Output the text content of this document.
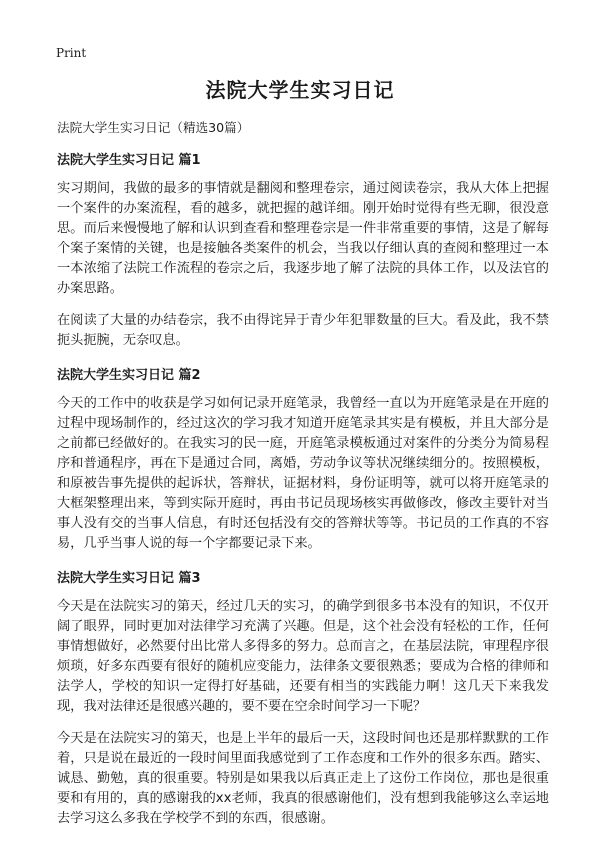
Print
法院大学生实习日记

法院大学生实习日记（精选30篇）

法院大学生实习日记 篇1

实习期间，我做的最多的事情就是翻阅和整理卷宗，通过阅读卷宗，我从大体上把握一个案件的办案流程，看的越多，就把握的越详细。刚开始时觉得有些无聊，很没意思。而后来慢慢地了解和认识到查看和整理卷宗是一件非常重要的事情，这是了解每个案子案情的关键，也是接触各类案件的机会，当我以仔细认真的查阅和整理过一本一本浓缩了法院工作流程的卷宗之后，我逐步地了解了法院的具体工作，以及法官的办案思路。

在阅读了大量的办结卷宗，我不由得诧异于青少年犯罪数量的巨大。看及此，我不禁扼头扼腕，无奈叹息。

法院大学生实习日记 篇2

今天的工作中的收获是学习如何记录开庭笔录，我曾经一直以为开庭笔录是在开庭的过程中现场制作的，经过这次的学习我才知道开庭笔录其实是有模板，并且大部分是之前都已经做好的。在我实习的民一庭，开庭笔录模板通过对案件的分类分为简易程序和普通程序，再在下是通过合同，离婚，劳动争议等状况继续细分的。按照模板，和原被告事先提供的起诉状，答辩状，证据材料，身份证明等，就可以将开庭笔录的大框架整理出来，等到实际开庭时，再由书记员现场核实再做修改，修改主要针对当事人没有交的当事人信息，有时还包括没有交的答辩状等等。书记员的工作真的不容易，几乎当事人说的每一个字都要记录下来。

法院大学生实习日记 篇3

今天是在法院实习的第天，经过几天的实习，的确学到很多书本没有的知识，不仅开阔了眼界，同时更加对法律学习充满了兴趣。但是，这个社会没有轻松的工作，任何事情想做好，必然要付出比常人多得多的努力。总而言之，在基层法院，审理程序很烦琐，好多东西要有很好的随机应变能力，法律条文要很熟悉；要成为合格的律师和法学人，学校的知识一定得打好基础，还要有相当的实践能力啊！这几天下来我发现，我对法律还是很感兴趣的，要不要在空余时间学习一下呢？

今天是在法院实习的第天，也是上半年的最后一天，这段时间也还是那样默默的工作着，只是说在最近的一段时间里面我感觉到了工作态度和工作外的很多东西。踏实、诚恳、勤勉，真的很重要。特别是如果我以后真正走上了这份工作岗位，那也是很重要和有用的，真的感谢我的xx老师，我真的很感谢他们，没有想到我能够这么幸运地去学习这么多我在学校学不到的东西，很感谢。
